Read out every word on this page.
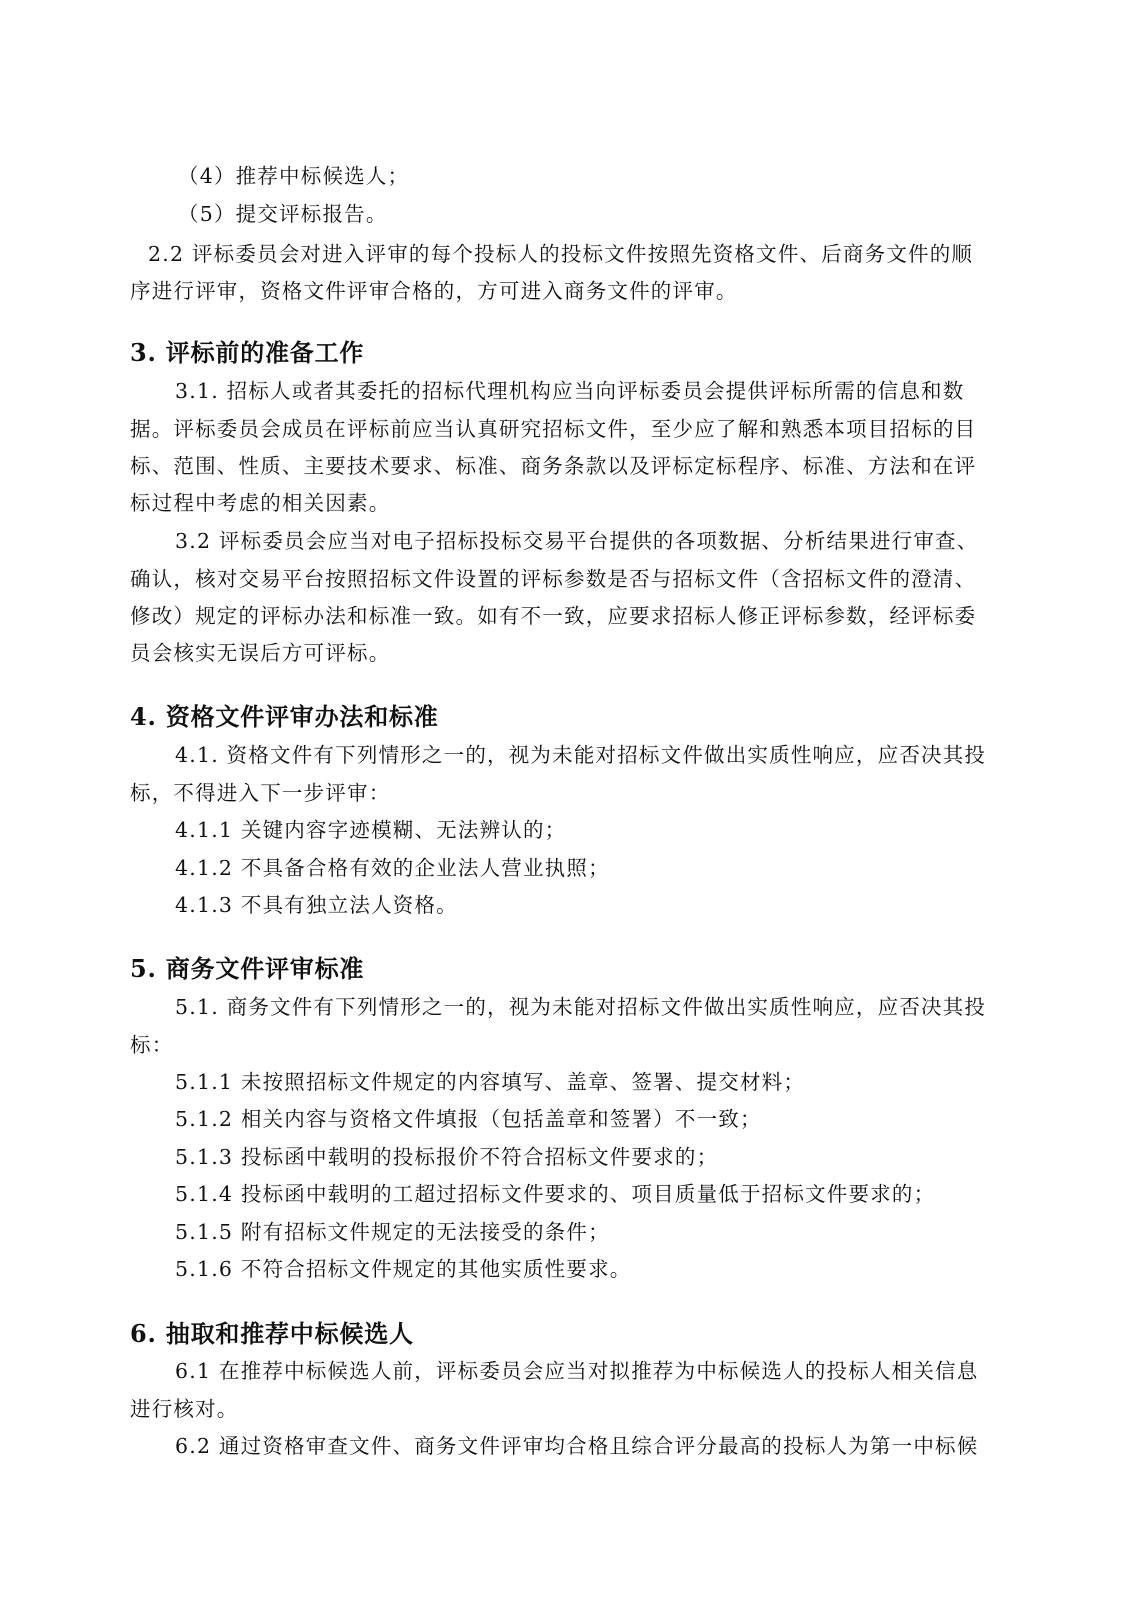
（4）推荐中标候选人；
（5）提交评标报告。
2.2 评标委员会对进入评审的每个投标人的投标文件按照先资格文件、后商务文件的顺
序进行评审，资格文件评审合格的，方可进入商务文件的评审。
3. 评标前的准备工作
3.1. 招标人或者其委托的招标代理机构应当向评标委员会提供评标所需的信息和数
据。评标委员会成员在评标前应当认真研究招标文件，至少应了解和熟悉本项目招标的目
标、范围、性质、主要技术要求、标准、商务条款以及评标定标程序、标准、方法和在评
标过程中考虑的相关因素。
3.2 评标委员会应当对电子招标投标交易平台提供的各项数据、分析结果进行审查、
确认，核对交易平台按照招标文件设置的评标参数是否与招标文件（含招标文件的澄清、
修改）规定的评标办法和标准一致。如有不一致，应要求招标人修正评标参数，经评标委
员会核实无误后方可评标。
4. 资格文件评审办法和标准
4.1. 资格文件有下列情形之一的，视为未能对招标文件做出实质性响应，应否决其投
标，不得进入下一步评审：
4.1.1 关键内容字迹模糊、无法辨认的；
4.1.2 不具备合格有效的企业法人营业执照；
4.1.3 不具有独立法人资格。
5. 商务文件评审标准
5.1. 商务文件有下列情形之一的，视为未能对招标文件做出实质性响应，应否决其投
标：
5.1.1 未按照招标文件规定的内容填写、盖章、签署、提交材料；
5.1.2 相关内容与资格文件填报（包括盖章和签署）不一致；
5.1.3 投标函中载明的投标报价不符合招标文件要求的；
5.1.4 投标函中载明的工超过招标文件要求的、项目质量低于招标文件要求的；
5.1.5 附有招标文件规定的无法接受的条件；
5.1.6 不符合招标文件规定的其他实质性要求。
6. 抽取和推荐中标候选人
6.1 在推荐中标候选人前，评标委员会应当对拟推荐为中标候选人的投标人相关信息
进行核对。
6.2 通过资格审查文件、商务文件评审均合格且综合评分最高的投标人为第一中标候
